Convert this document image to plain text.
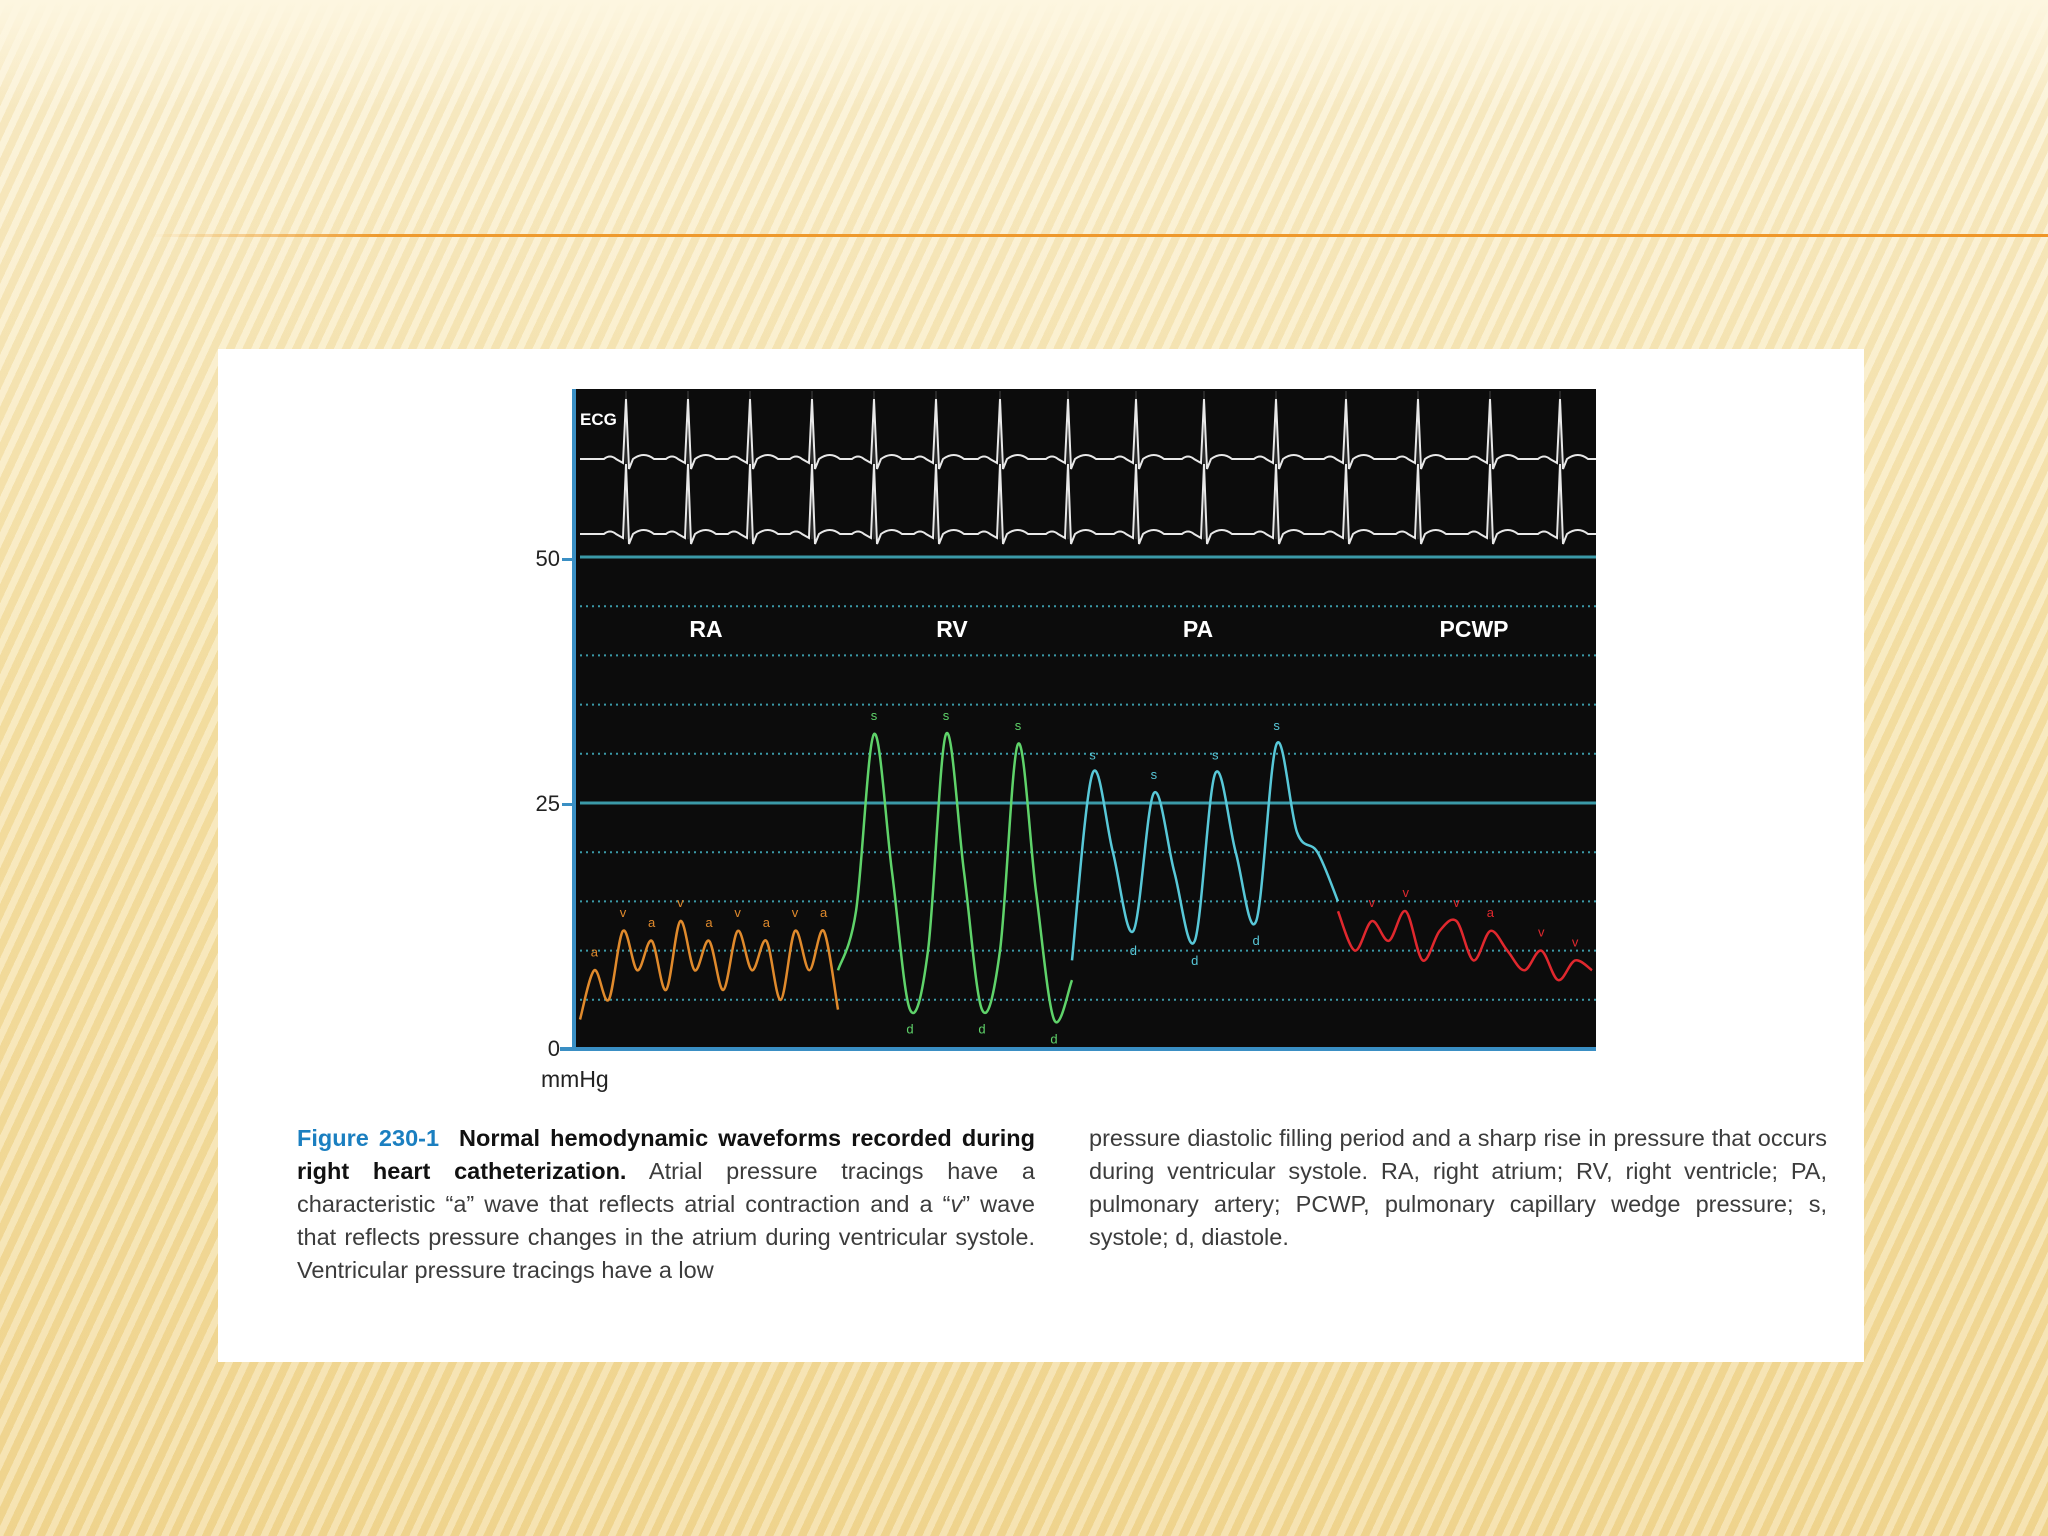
ECG
RA
a
v
a
v
a
v
a
v a
RV
s
d
s
d
s
d
PA
s
d
s
d
s
d
s
PCWP
v
v
v
a
v
v
50
25
0
mmHg
Figure 230-1 Normal hemodynamic waveforms recorded during right heart catheterization. Atrial pressure tracings have a characteristic “a” wave that reflects atrial contraction and a “v” wave that reflects pressure changes in the atrium during ventricular systole. Ventricular pressure tracings have a low
pressure diastolic filling period and a sharp rise in pressure that occurs during ventricular systole. RA, right atrium; RV, right ventricle; PA, pulmonary artery; PCWP, pulmonary capillary wedge pressure; s, systole; d, diastole.
